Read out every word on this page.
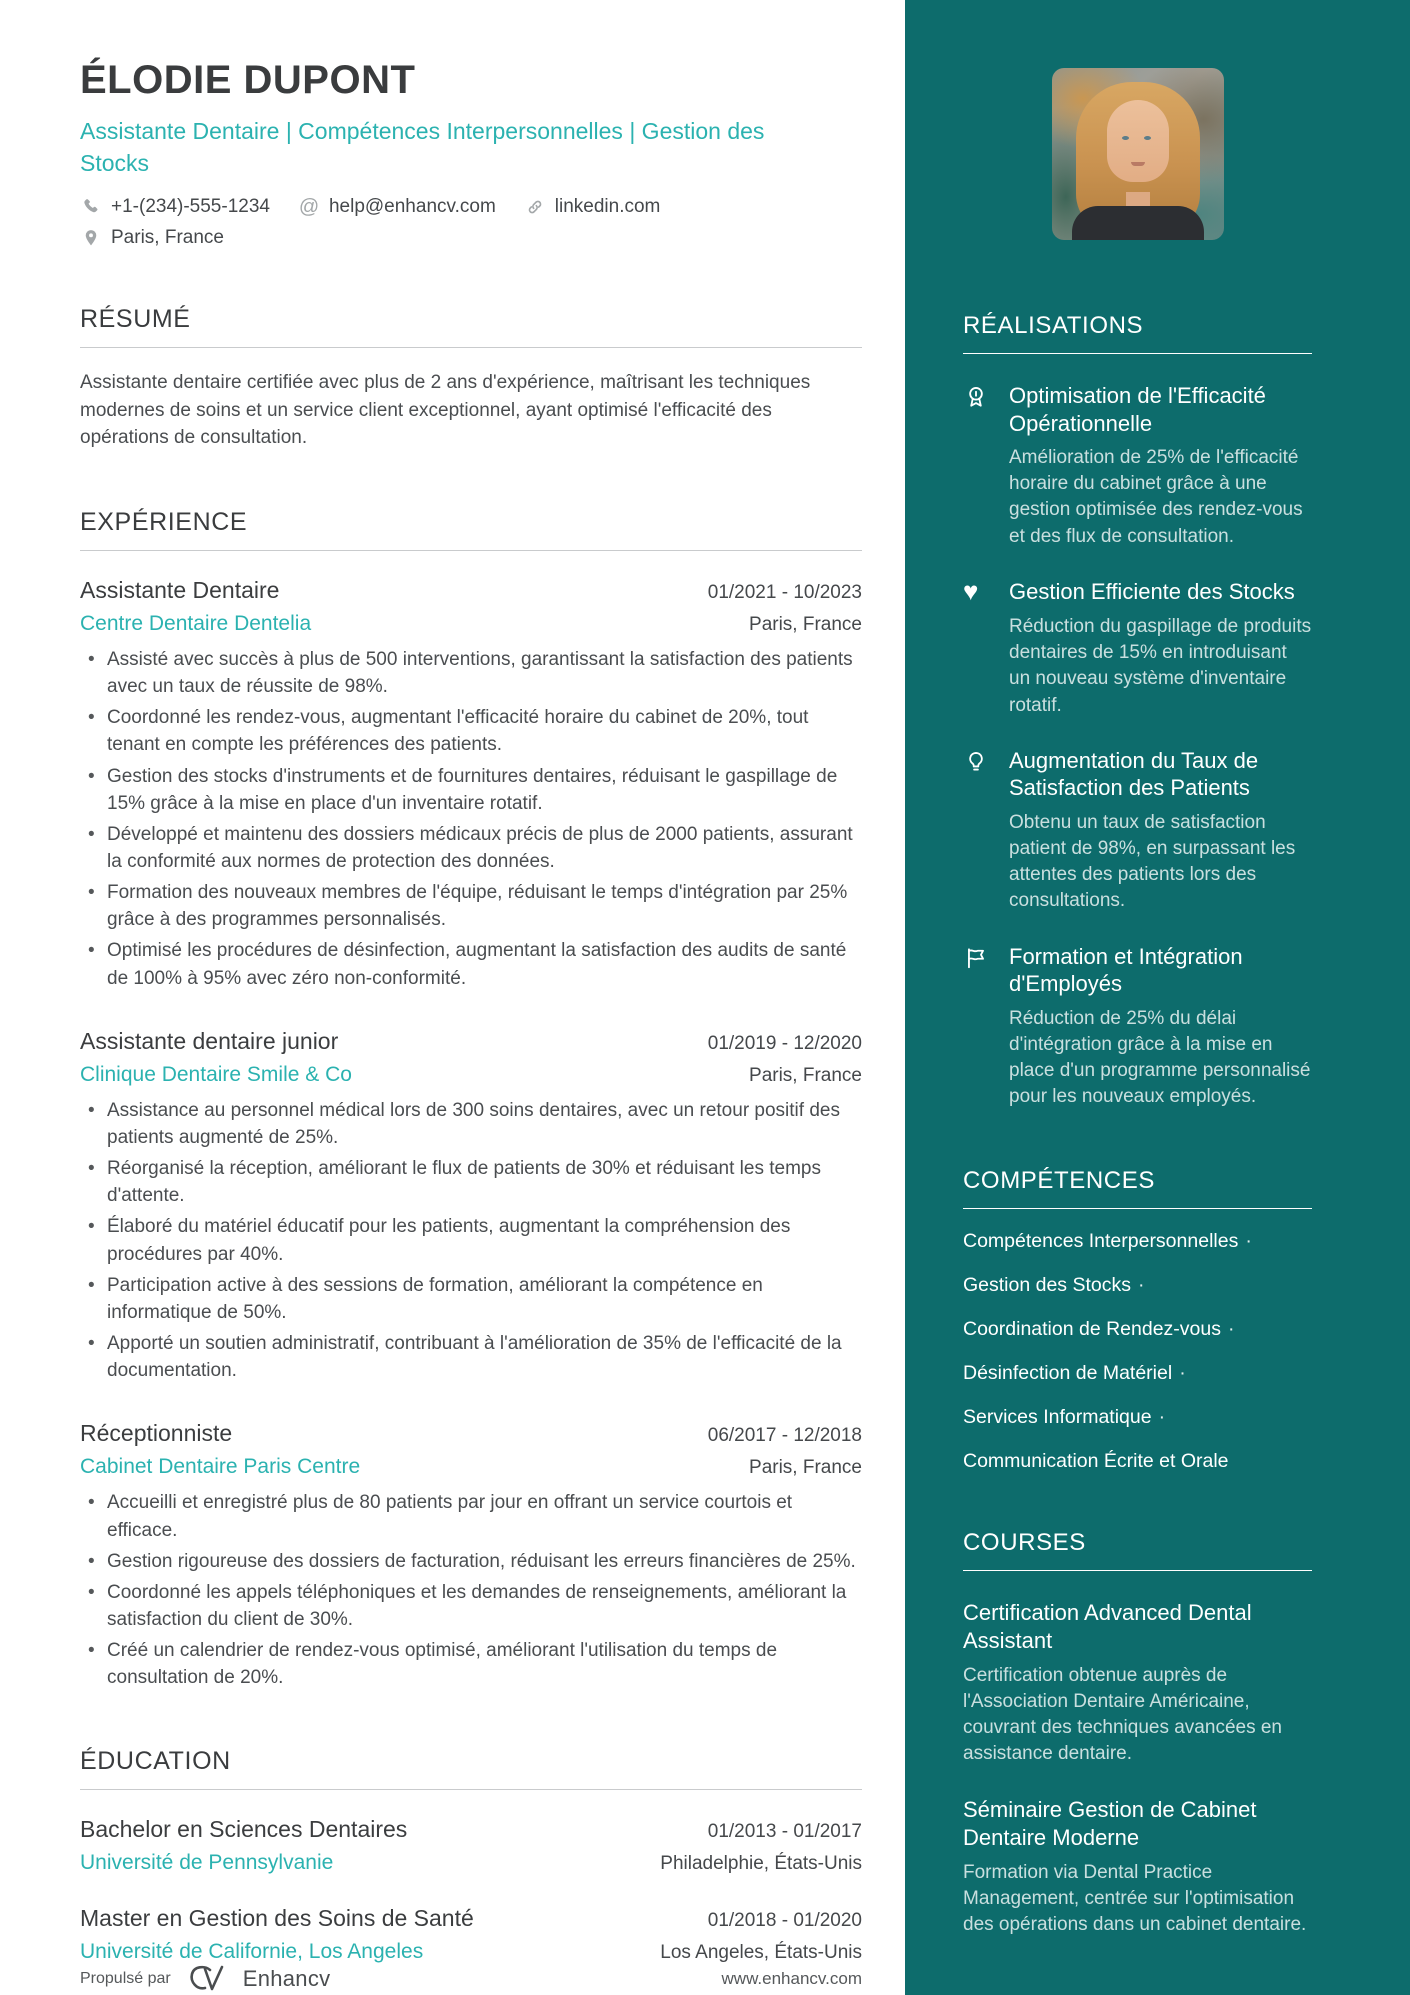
ÉLODIE DUPONT
Assistante Dentaire | Compétences Interpersonnelles | Gestion des Stocks
+1-(234)-555-1234 @ help@enhancv.com	linkedin.com
Paris, France
RÉSUMÉ
Assistante dentaire certifiée avec plus de 2 ans d'expérience, maîtrisant les techniques modernes de soins et un service client exceptionnel, ayant optimisé l'efficacité des opérations de consultation.
EXPÉRIENCE
Assistante Dentaire	01/2021 - 10/2023
Centre Dentaire Dentelia	Paris, France
• Assisté avec succès à plus de 500 interventions, garantissant la satisfaction des patients avec un taux de réussite de 98%.
• Coordonné les rendez-vous, augmentant l'efficacité horaire du cabinet de 20%, tout tenant en compte les préférences des patients.
• Gestion des stocks d'instruments et de fournitures dentaires, réduisant le gaspillage de 15% grâce à la mise en place d'un inventaire rotatif.
• Développé et maintenu des dossiers médicaux précis de plus de 2000 patients, assurant la conformité aux normes de protection des données.
• Formation des nouveaux membres de l'équipe, réduisant le temps d'intégration par 25% grâce à des programmes personnalisés.
• Optimisé les procédures de désinfection, augmentant la satisfaction des audits de santé de 100% à 95% avec zéro non-conformité.
Assistante dentaire junior	01/2019 - 12/2020
Clinique Dentaire Smile & Co	Paris, France
• Assistance au personnel médical lors de 300 soins dentaires, avec un retour positif des patients augmenté de 25%.
• Réorganisé la réception, améliorant le flux de patients de 30% et réduisant les temps d'attente.
• Élaboré du matériel éducatif pour les patients, augmentant la compréhension des procédures par 40%.
• Participation active à des sessions de formation, améliorant la compétence en informatique de 50%.
• Apporté un soutien administratif, contribuant à l'amélioration de 35% de l'efficacité de la documentation.
Réceptionniste	06/2017 - 12/2018
Cabinet Dentaire Paris Centre	Paris, France
• Accueilli et enregistré plus de 80 patients par jour en offrant un service courtois et efficace.
• Gestion rigoureuse des dossiers de facturation, réduisant les erreurs financières de 25%.
• Coordonné les appels téléphoniques et les demandes de renseignements, améliorant la satisfaction du client de 30%.
• Créé un calendrier de rendez-vous optimisé, améliorant l'utilisation du temps de consultation de 20%.
ÉDUCATION
Bachelor en Sciences Dentaires	01/2013 - 01/2017
Université de Pennsylvanie	Philadelphie, États-Unis
Master en Gestion des Soins de Santé	01/2018 - 01/2020
Université de Californie, Los Angeles	Los Angeles, États-Unis
Propulsé par	Enhancv	www.enhancv.com
RÉALISATIONS
Optimisation de l'Efficacité Opérationnelle
Amélioration de 25% de l'efficacité horaire du cabinet grâce à une gestion optimisée des rendez-vous et des flux de consultation.
♥	Gestion Efficiente des Stocks
Réduction du gaspillage de produits dentaires de 15% en introduisant un nouveau système d'inventaire rotatif.
Augmentation du Taux de Satisfaction des Patients
Obtenu un taux de satisfaction patient de 98%, en surpassant les attentes des patients lors des consultations.
Formation et Intégration d'Employés
Réduction de 25% du délai d'intégration grâce à la mise en place d'un programme personnalisé pour les nouveaux employés.
COMPÉTENCES
Compétences Interpersonnelles ·
Gestion des Stocks ·
Coordination de Rendez-vous ·
Désinfection de Matériel ·
Services Informatique ·
Communication Écrite et Orale
COURSES
Certification Advanced Dental Assistant
Certification obtenue auprès de l'Association Dentaire Américaine, couvrant des techniques avancées en assistance dentaire.
Séminaire Gestion de Cabinet Dentaire Moderne
Formation via Dental Practice Management, centrée sur l'optimisation des opérations dans un cabinet dentaire.
